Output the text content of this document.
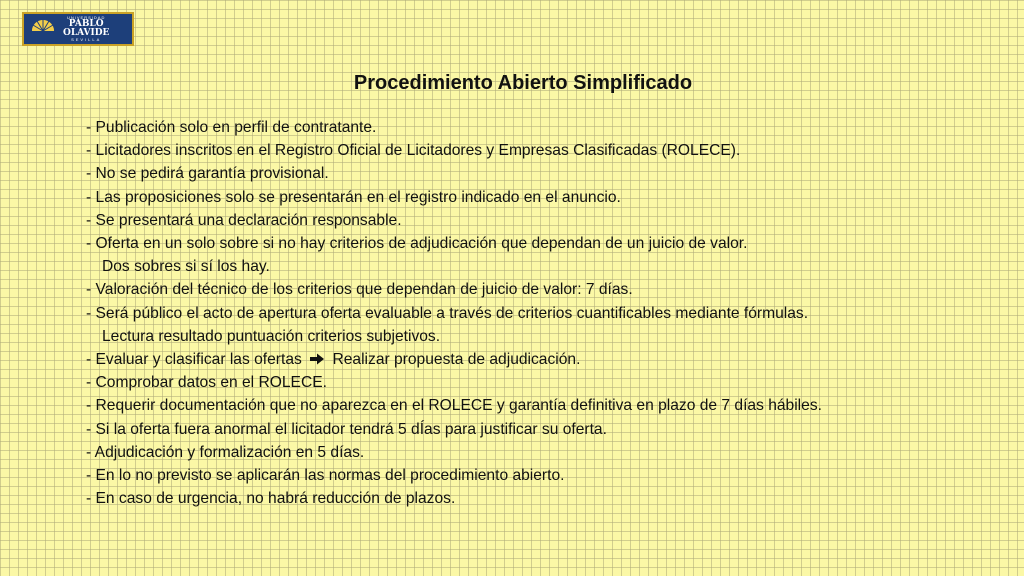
UNIVERSIDAD
PABLO
OLAVIDE
SEVILLA
Procedimiento Abierto Simplificado
- Publicación solo en perfil de contratante.
- Licitadores inscritos en el Registro Oficial de Licitadores y Empresas Clasificadas (ROLECE).
- No se pedirá garantía provisional.
- Las proposiciones solo se presentarán en el registro indicado en el anuncio.
- Se presentará una declaración responsable.
- Oferta en un solo sobre si no hay criterios de adjudicación que dependan de un juicio de valor.
Dos sobres si sí los hay.
- Valoración del técnico de los criterios que dependan de juicio de valor: 7 días.
- Será público el acto de apertura oferta evaluable a través de criterios cuantificables mediante fórmulas.
Lectura resultado puntuación criterios subjetivos.
- Evaluar y clasificar las ofertas Realizar propuesta de adjudicación.
- Comprobar datos en el ROLECE.
- Requerir documentación que no aparezca en el ROLECE y garantía definitiva en plazo de 7 días hábiles.
- Si la oferta fuera anormal el licitador tendrá 5 dÍas para justificar su oferta.
- Adjudicación y formalización en 5 días.
- En lo no previsto se aplicarán las normas del procedimiento abierto.
- En caso de urgencia, no habrá reducción de plazos.
